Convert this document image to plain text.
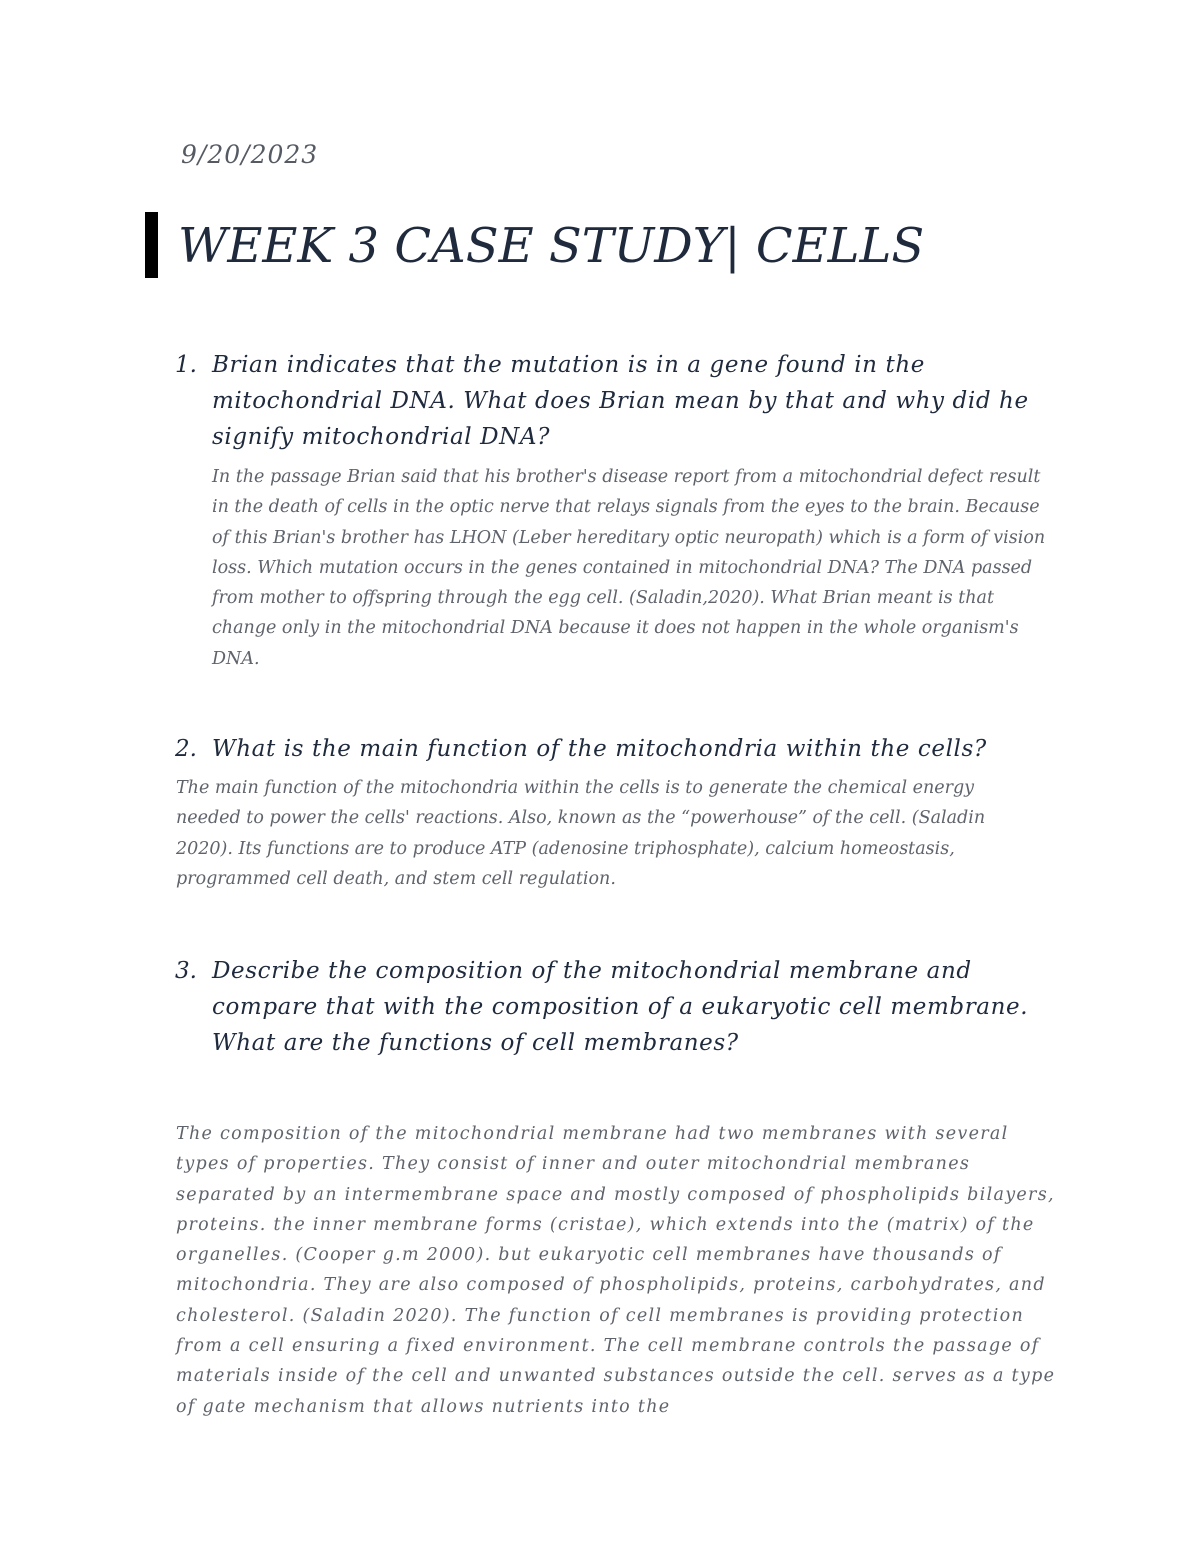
9/20/2023
WEEK 3 CASE STUDY| CELLS
1. Brian indicates that the mutation is in a gene found in the mitochondrial DNA. What does Brian mean by that and why did he signify mitochondrial DNA?
In the passage Brian said that his brother's disease report from a mitochondrial defect result in the death of cells in the optic nerve that relays signals from the eyes to the brain. Because of this Brian's brother has LHON (Leber hereditary optic neuropath) which is a form of vision loss. Which mutation occurs in the genes contained in mitochondrial DNA? The DNA passed from mother to offspring through the egg cell. (Saladin,2020). What Brian meant is that change only in the mitochondrial DNA because it does not happen in the whole organism's DNA.
2. What is the main function of the mitochondria within the cells?
The main function of the mitochondria within the cells is to generate the chemical energy needed to power the cells' reactions. Also, known as the “powerhouse” of the cell. (Saladin 2020). Its functions are to produce ATP (adenosine triphosphate), calcium homeostasis, programmed cell death, and stem cell regulation.
3. Describe the composition of the mitochondrial membrane and compare that with the composition of a eukaryotic cell membrane. What are the functions of cell membranes?
The composition of the mitochondrial membrane had two membranes with several types of properties. They consist of inner and outer mitochondrial membranes separated by an intermembrane space and mostly composed of phospholipids bilayers, proteins. the inner membrane forms (cristae), which extends into the (matrix) of the organelles. (Cooper g.m 2000). but eukaryotic cell membranes have thousands of mitochondria. They are also composed of phospholipids, proteins, carbohydrates, and cholesterol. (Saladin 2020). The function of cell membranes is providing protection from a cell ensuring a fixed environment. The cell membrane controls the passage of materials inside of the cell and unwanted substances outside the cell. serves as a type of gate mechanism that allows nutrients into the
